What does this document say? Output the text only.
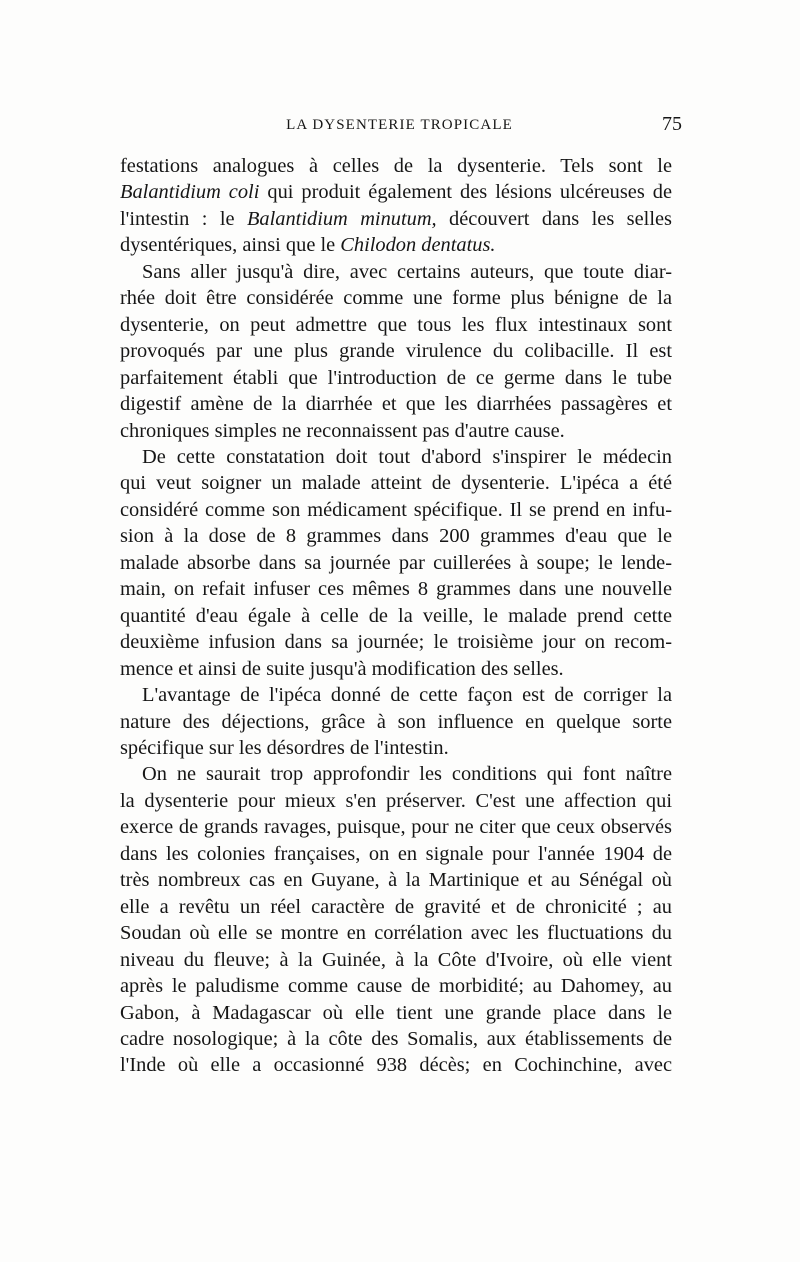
LA DYSENTERIE TROPICALE	75
festations analogues à celles de la dysenterie. Tels sont le
Balantidium coli qui produit également des lésions ulcéreuses de
l'intestin : le Balantidium minutum, découvert dans les selles
dysentériques, ainsi que le Chilodon dentatus.
Sans aller jusqu'à dire, avec certains auteurs, que toute diar-
rhée doit être considérée comme une forme plus bénigne de la
dysenterie, on peut admettre que tous les flux intestinaux sont
provoqués par une plus grande virulence du colibacille. Il est
parfaitement établi que l'introduction de ce germe dans le tube
digestif amène de la diarrhée et que les diarrhées passagères et
chroniques simples ne reconnaissent pas d'autre cause.
De cette constatation doit tout d'abord s'inspirer le médecin
qui veut soigner un malade atteint de dysenterie. L'ipéca a été
considéré comme son médicament spécifique. Il se prend en infu-
sion à la dose de 8 grammes dans 200 grammes d'eau que le
malade absorbe dans sa journée par cuillerées à soupe; le lende-
main, on refait infuser ces mêmes 8 grammes dans une nouvelle
quantité d'eau égale à celle de la veille, le malade prend cette
deuxième infusion dans sa journée; le troisième jour on recom-
mence et ainsi de suite jusqu'à modification des selles.
L'avantage de l'ipéca donné de cette façon est de corriger la
nature des déjections, grâce à son influence en quelque sorte
spécifique sur les désordres de l'intestin.
On ne saurait trop approfondir les conditions qui font naître
la dysenterie pour mieux s'en préserver. C'est une affection qui
exerce de grands ravages, puisque, pour ne citer que ceux observés
dans les colonies françaises, on en signale pour l'année 1904 de
très nombreux cas en Guyane, à la Martinique et au Sénégal où
elle a revêtu un réel caractère de gravité et de chronicité ; au
Soudan où elle se montre en corrélation avec les fluctuations du
niveau du fleuve; à la Guinée, à la Côte d'Ivoire, où elle vient
après le paludisme comme cause de morbidité; au Dahomey, au
Gabon, à Madagascar où elle tient une grande place dans le
cadre nosologique; à la côte des Somalis, aux établissements de
l'Inde où elle a occasionné 938 décès; en Cochinchine, avec
